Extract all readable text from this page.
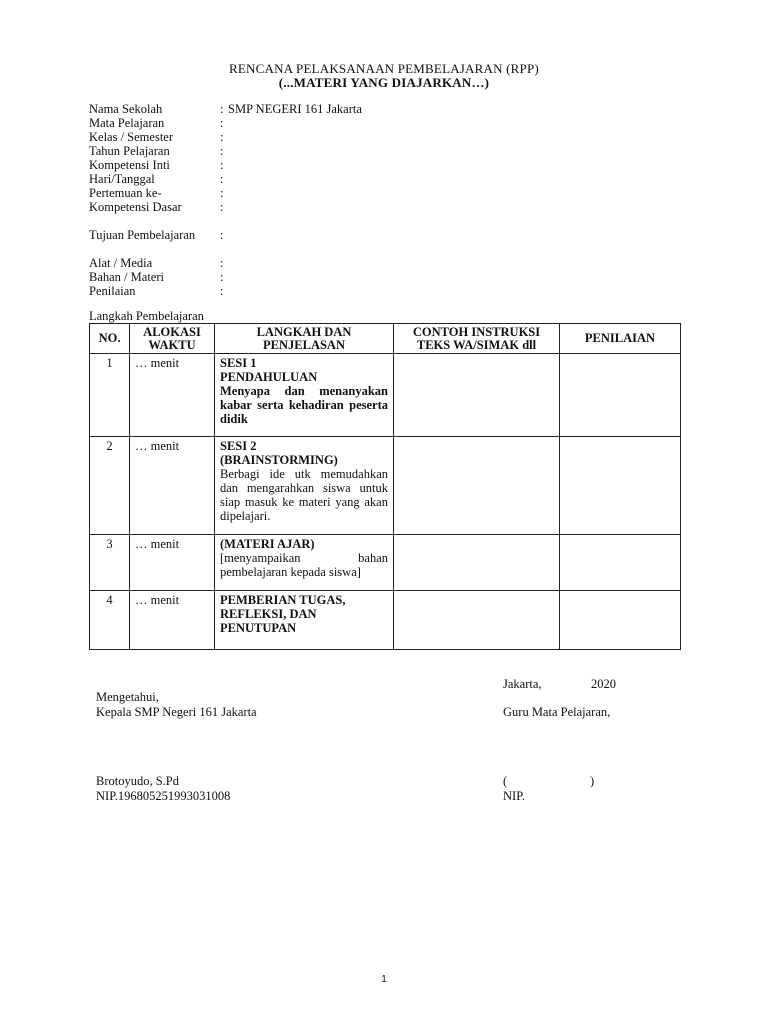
RENCANA PELAKSANAAN PEMBELAJARAN (RPP)
(...MATERI YANG DIAJARKAN…)
Nama Sekolah	: SMP NEGERI 161 Jakarta
Mata Pelajaran	:
Kelas / Semester	:
Tahun Pelajaran	:
Kompetensi Inti	:
Hari/Tanggal	:
Pertemuan ke-	:
Kompetensi Dasar	:
Tujuan Pembelajaran :
Alat / Media	:
Bahan / Materi	:
Penilaian	:
Langkah Pembelajaran
NO.	ALOKASI WAKTU	LANGKAH DAN PENJELASAN	CONTOH INSTRUKSI TEKS WA/SIMAK dll	PENILAIAN
1	… menit	SESI 1
PENDAHULUAN
Menyapa dan menanyakan kabar serta kehadiran peserta didik		

2	… menit	SESI 2
(BRAINSTORMING)
Berbagi ide utk memudahkan dan mengarahkan siswa untuk siap masuk ke materi yang akan dipelajari.		

3	… menit	(MATERI AJAR)
[menyampaikan bahan pembelajaran kepada siswa]		

4	… menit	PEMBERIAN TUGAS, REFLEKSI, DAN PENUTUPAN		

Jakarta,	2020
Mengetahui,
Kepala SMP Negeri 161 Jakarta	Guru Mata Pelajaran,
Brotoyudo, S.Pd
NIP.196805251993031008
(	)
NIP.
1
